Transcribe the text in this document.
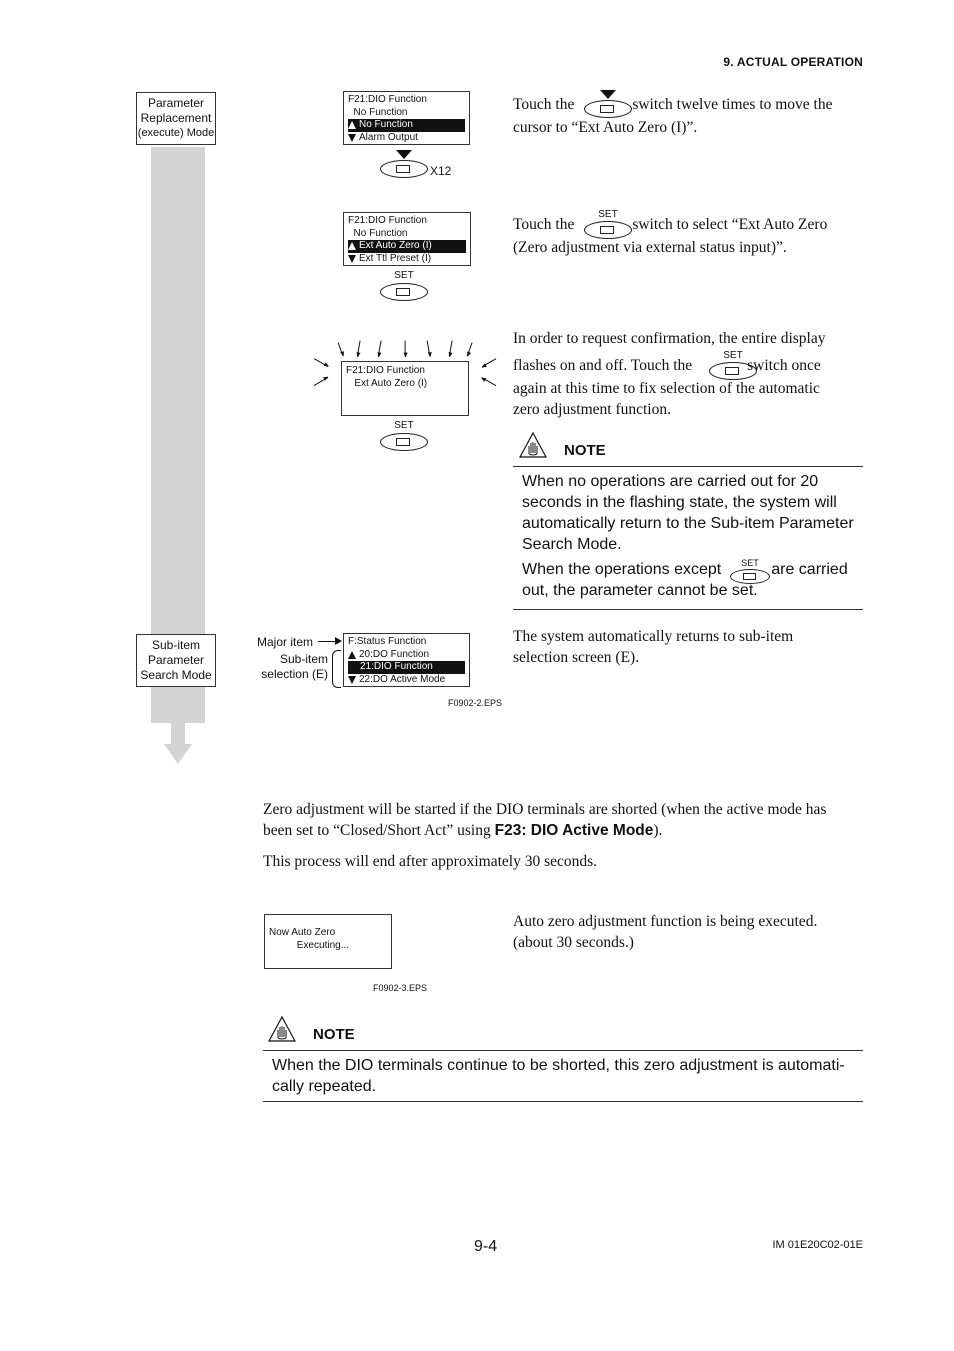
9. ACTUAL OPERATION
Parameter
Replacement
(execute) Mode
Sub-item
Parameter
Search Mode
F21:DIO Function
No Function
No Function
Alarm Output
X12
Touch the	switch twelve times to move the
cursor to “Ext Auto Zero (I)”.
F21:DIO Function
No Function
Ext Auto Zero (I)
Ext Ttl Preset (I)
SET
Touch the	switch to select “Ext Auto Zero
(Zero adjustment via external status input)”.
SET
F21:DIO Function
Ext Auto Zero (I)
SET
In order to request confirmation, the entire display
flashes on and off. Touch the	switch once
again at this time to fix selection of the automatic
zero adjustment function.
SET
NOTE
When no operations are carried out for 20
seconds in the flashing state, the system will
automatically return to the Sub-item Parameter
Search Mode.
When the operations except	are carried
out, the parameter cannot be set.
SET
Major item
Sub-item
selection (E)
F:Status Function
20:DO Function
21:DIO Function
22:DO Active Mode
F0902-2.EPS
The system automatically returns to sub-item
selection screen (E).
Zero adjustment will be started if the DIO terminals are shorted (when the active mode has
been set to “Closed/Short Act” using F23: DIO Active Mode).
This process will end after approximately 30 seconds.
Now Auto Zero
Executing...
F0902-3.EPS
Auto zero adjustment function is being executed.
(about 30 seconds.)
NOTE
When the DIO terminals continue to be shorted, this zero adjustment is automati-
cally repeated.
9-4	IM 01E20C02-01E
